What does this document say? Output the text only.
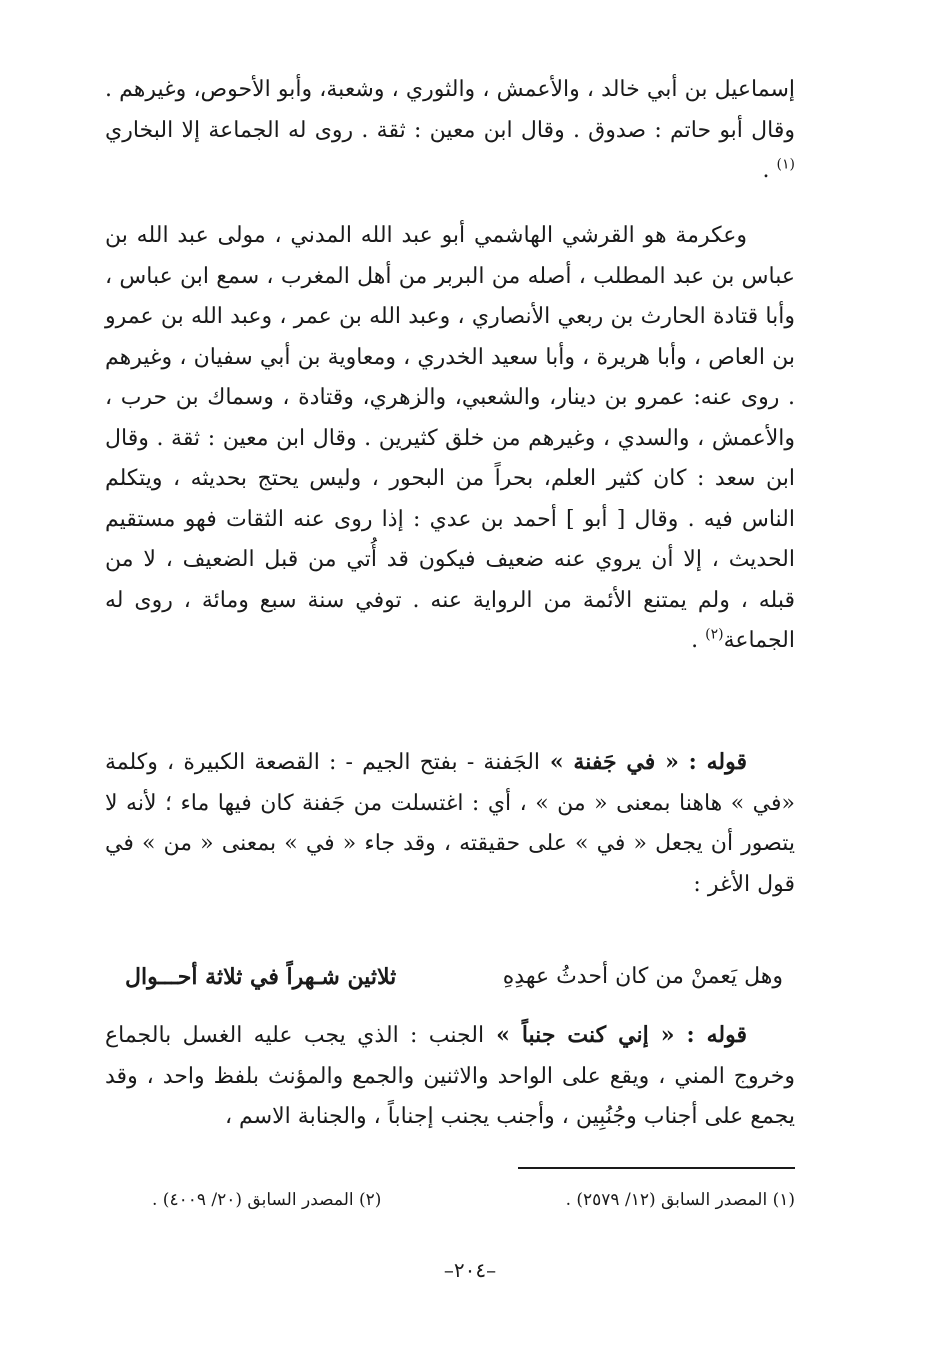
إسماعيل بن أبي خالد ، والأعمش ، والثوري ، وشعبة، وأبو الأحوص، وغيرهم . وقال أبو حاتم : صدوق . وقال ابن معين : ثقة . روى له الجماعة إلا البخاري $^{(١)}$ .

وعكرمة هو القرشي الهاشمي أبو عبد الله المدني ، مولى عبد الله بن عباس بن عبد المطلب ، أصله من البربر من أهل المغرب ، سمع ابن عباس ، وأبا قتادة الحارث بن ربعي الأنصاري ، وعبد الله بن عمر ، وعبد الله بن عمرو بن العاص ، وأبا هريرة ، وأبا سعيد الخدري ، ومعاوية بن أبي سفيان ، وغيرهم . روى عنه: عمرو بن دينار، والشعبي، والزهري، وقتادة ، وسماك بن حرب ، والأعمش ، والسدي ، وغيرهم من خلق كثيرين . وقال ابن معين : ثقة . وقال ابن سعد : كان كثير العلم، بحراً من البحور ، وليس يحتج بحديثه ، ويتكلم الناس فيه . وقال [ أبو ] أحمد بن عدي : إذا روى عنه الثقات فهو مستقيم الحديث ، إلا أن يروي عنه ضعيف فيكون قد أُتي من قبل الضعيف ، لا من قبله ، ولم يمتنع الأئمة من الرواية عنه . توفي سنة سبع ومائة ، روى له الجماعة$^{(٢)}$ .

قوله : « في جَفنة » الجَفنة - بفتح الجيم - : القصعة الكبيرة ، وكلمة «في » هاهنا بمعنى « من » ، أي : اغتسلت من جَفنة كان فيها ماء ؛ لأنه لا يتصور أن يجعل « في » على حقيقته ، وقد جاء « في » بمعنى « من » في قول الأغر :

وهل يَعمنْ من كان أحدثُ عهدِهِ
ثلاثين شـهراً في ثلاثة أحـــوال

قوله : « إني كنت جنباً » الجنب : الذي يجب عليه الغسل بالجماع وخروج المني ، ويقع على الواحد والاثنين والجمع والمؤنث بلفظ واحد ، وقد يجمع على أجناب وجُنُبِين ، وأجنب يجنب إجناباً ، والجنابة الاسم ،

(١) المصدر السابق (١٢/ ٢٥٧٩) .
(٢) المصدر السابق (٢٠/ ٤٠٠٩) .
–٢٠٤–
